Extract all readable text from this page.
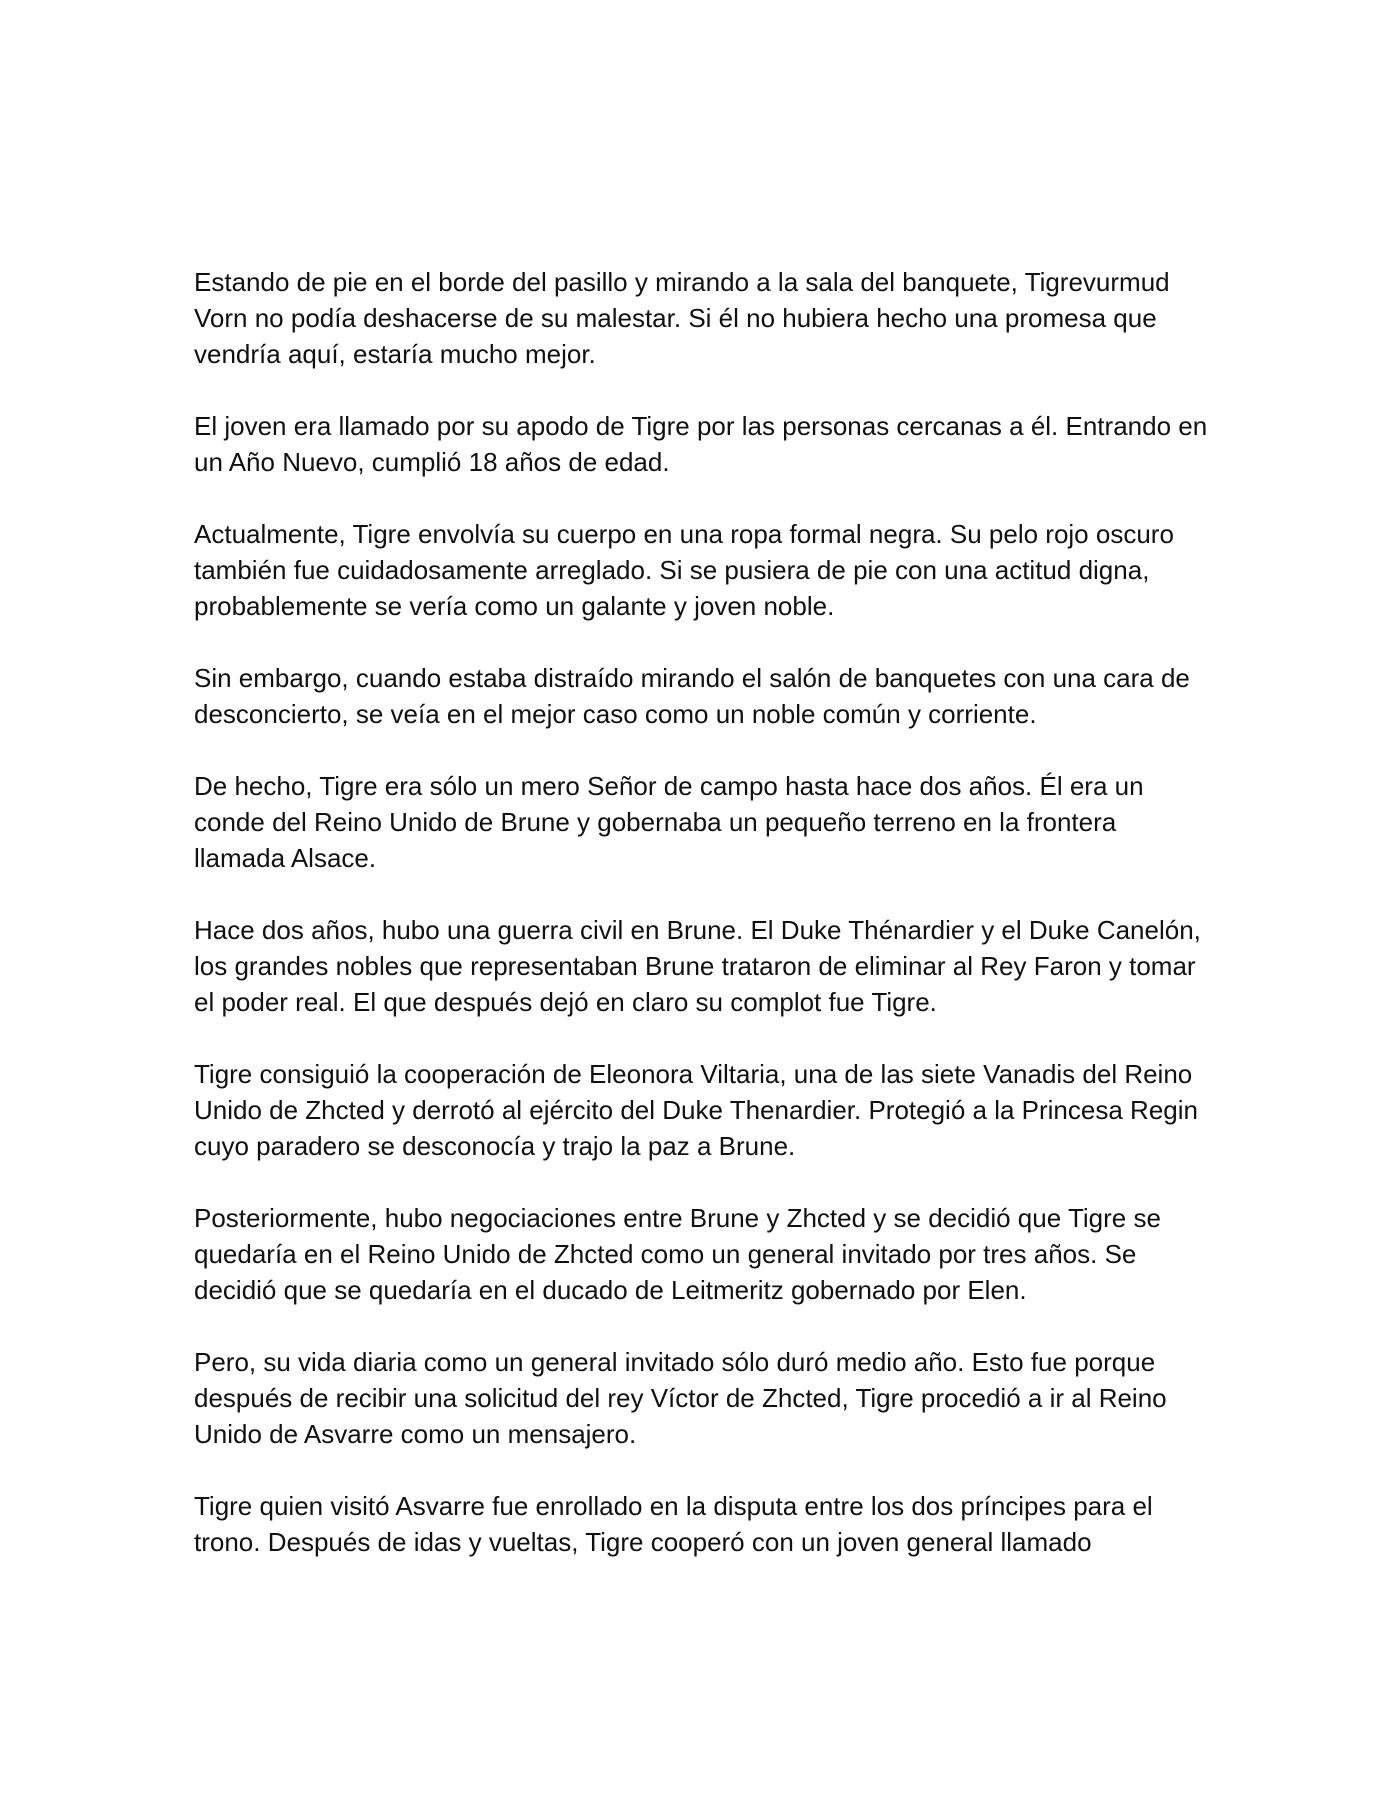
Estando de pie en el borde del pasillo y mirando a la sala del banquete, Tigrevurmud Vorn no podía deshacerse de su malestar. Si él no hubiera hecho una promesa que vendría aquí, estaría mucho mejor.

El joven era llamado por su apodo de Tigre por las personas cercanas a él. Entrando en un Año Nuevo, cumplió 18 años de edad.

Actualmente, Tigre envolvía su cuerpo en una ropa formal negra. Su pelo rojo oscuro también fue cuidadosamente arreglado. Si se pusiera de pie con una actitud digna, probablemente se vería como un galante y joven noble.

Sin embargo, cuando estaba distraído mirando el salón de banquetes con una cara de desconcierto, se veía en el mejor caso como un noble común y corriente.

De hecho, Tigre era sólo un mero Señor de campo hasta hace dos años. Él era un conde del Reino Unido de Brune y gobernaba un pequeño terreno en la frontera llamada Alsace.

Hace dos años, hubo una guerra civil en Brune. El Duke Thénardier y el Duke Canelón, los grandes nobles que representaban Brune trataron de eliminar al Rey Faron y tomar el poder real. El que después dejó en claro su complot fue Tigre.

Tigre consiguió la cooperación de Eleonora Viltaria, una de las siete Vanadis del Reino Unido de Zhcted y derrotó al ejército del Duke Thenardier. Protegió a la Princesa Regin cuyo paradero se desconocía y trajo la paz a Brune.

Posteriormente, hubo negociaciones entre Brune y Zhcted y se decidió que Tigre se quedaría en el Reino Unido de Zhcted como un general invitado por tres años. Se decidió que se quedaría en el ducado de Leitmeritz gobernado por Elen.

Pero, su vida diaria como un general invitado sólo duró medio año. Esto fue porque después de recibir una solicitud del rey Víctor de Zhcted, Tigre procedió a ir al Reino Unido de Asvarre como un mensajero.

Tigre quien visitó Asvarre fue enrollado en la disputa entre los dos príncipes para el trono. Después de idas y vueltas, Tigre cooperó con un joven general llamado
